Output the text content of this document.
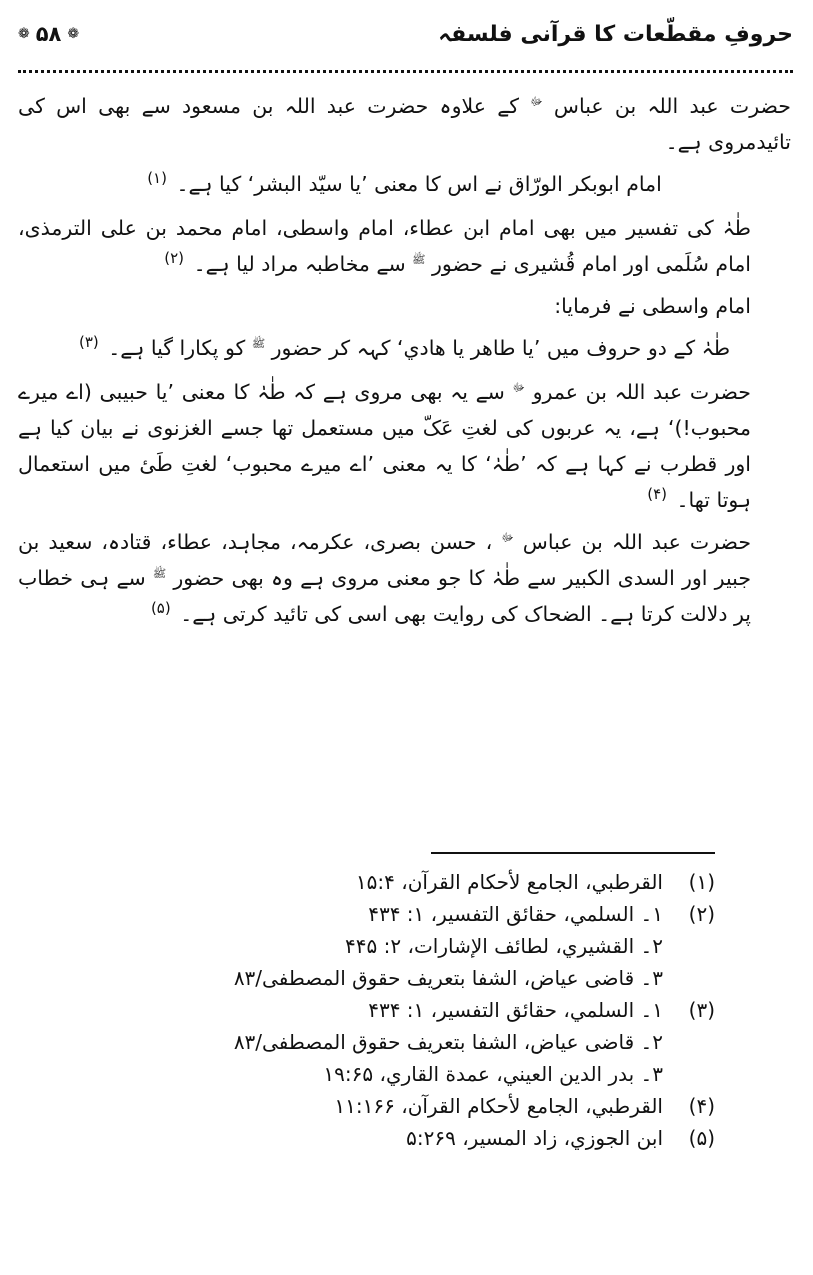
حروفِ مقطّعات کا قرآنی فلسفہ
❁
۵۸
❁

حضرت عبد اللہ بن عباس $^ﷻ$ کے علاوہ حضرت عبد اللہ بن مسعود سے بھی اس کی تائیدمروی ہے۔

امام ابوبکر الورّاق نے اس کا معنی ’یا سیّد البشر‘ کیا ہے۔ $^{(۱)}$

طٰہٰ کی تفسیر میں بھی امام ابن عطاء، امام واسطی، امام محمد بن علی الترمذی، امام سُلَمی اور امام قُشیری نے حضور $^ﷺ$ سے مخاطبہ مراد لیا ہے۔ $^{(۲)}$

امام واسطی نے فرمایا:

طٰہٰ کے دو حروف میں ’یا طاهر یا هادي‘ کہہ کر حضور $^ﷺ$ کو پکارا گیا ہے۔ $^{(۳)}$

حضرت عبد اللہ بن عمرو $^ﷻ$ سے یہ بھی مروی ہے کہ طٰہٰ کا معنی ’یا حبیبی (اے میرے محبوب!)‘ ہے، یہ عربوں کی لغتِ عَکّ میں مستعمل تھا جسے الغزنوی نے بیان کیا ہے اور قطرب نے کہا ہے کہ ’طٰہٰ‘ کا یہ معنی ’اے میرے محبوب‘ لغتِ طَیٔ میں استعمال ہوتا تھا۔ $^{(۴)}$

حضرت عبد اللہ بن عباس $^ﷻ$ ، حسن بصری، عکرمہ، مجاہد، عطاء، قتادہ، سعید بن جبیر اور السدی الکبیر سے طٰہٰ کا جو معنی مروی ہے وہ بھی حضور $^ﷺ$ سے ہی خطاب پر دلالت کرتا ہے۔ الضحاک کی روایت بھی اسی کی تائید کرتی ہے۔ $^{(۵)}$

(۱)
القرطبي، الجامع لأحكام القرآن، ۱۵:۴
(۲)
۱۔ السلمي، حقائق التفسير، ۱: ۴۳۴
۲۔ القشيري، لطائف الإشارات، ۲: ۴۴۵
۳۔ قاضی عیاض، الشفا بتعریف حقوق المصطفی/۸۳
(۳)
۱۔ السلمي، حقائق التفسير، ۱: ۴۳۴
۲۔ قاضی عیاض، الشفا بتعریف حقوق المصطفی/۸۳
۳۔ بدر الدين العيني، عمدة القاري، ۱۹:۶۵
(۴)
القرطبي، الجامع لأحكام القرآن، ۱۱:۱۶۶
(۵)
ابن الجوزي، زاد المسير، ۵:۲۶۹
